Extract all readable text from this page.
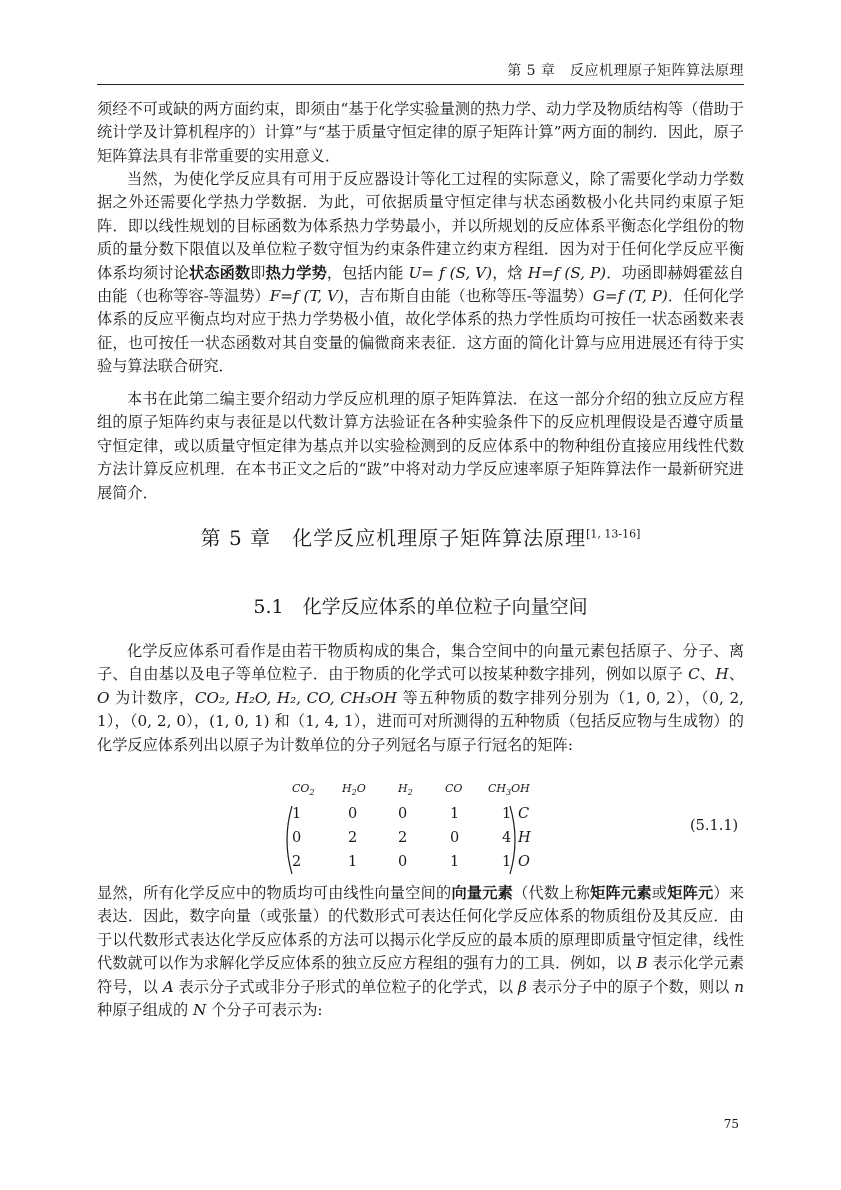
第 5 章　反应机理原子矩阵算法原理

须经不可或缺的两方面约束，即须由“基于化学实验量测的热力学、动力学及物质结构等（借助于统计学及计算机程序的）计算”与“基于质量守恒定律的原子矩阵计算”两方面的制约．因此，原子矩阵算法具有非常重要的实用意义．

当然，为使化学反应具有可用于反应器设计等化工过程的实际意义，除了需要化学动力学数据之外还需要化学热力学数据．为此，可依据质量守恒定律与状态函数极小化共同约束原子矩阵．即以线性规划的目标函数为体系热力学势最小，并以所规划的反应体系平衡态化学组份的物质的量分数下限值以及单位粒子数守恒为约束条件建立约束方程组．因为对于任何化学反应平衡体系均须讨论状态函数即热力学势，包括内能 U= f (S, V)，焓 H=f (S, P)．功函即赫姆霍兹自由能（也称等容-等温势）F=f (T, V)，吉布斯自由能（也称等压-等温势）G=f (T, P)．任何化学体系的反应平衡点均对应于热力学势极小值，故化学体系的热力学性质均可按任一状态函数来表征，也可按任一状态函数对其自变量的偏微商来表征．这方面的简化计算与应用进展还有待于实验与算法联合研究．

本书在此第二编主要介绍动力学反应机理的原子矩阵算法．在这一部分介绍的独立反应方程组的原子矩阵约束与表征是以代数计算方法验证在各种实验条件下的反应机理假设是否遵守质量守恒定律，或以质量守恒定律为基点并以实验检测到的反应体系中的物种组份直接应用线性代数方法计算反应机理．在本书正文之后的“跋”中将对动力学反应速率原子矩阵算法作一最新研究进展简介．

第 5 章　化学反应机理原子矩阵算法原理[1, 13-16]
5.1　化学反应体系的单位粒子向量空间

化学反应体系可看作是由若干物质构成的集合，集合空间中的向量元素包括原子、分子、离子、自由基以及电子等单位粒子．由于物质的化学式可以按某种数字排列，例如以原子 C、H、O 为计数序，CO₂, H₂O, H₂, CO, CH₃OH 等五种物质的数字排列分别为（1, 0, 2），（0, 2, 1），（0, 2, 0），(1, 0, 1) 和（1, 4, 1），进而可对所测得的五种物质（包括反应物与生成物）的化学反应体系列出以原子为计数单位的分子列冠名与原子行冠名的矩阵:

$CO_2$ $H_2O$	$H_2$	CO $CH_3OH$
1	0	0	1	1 C
0	2	2	0	4 H
2	1	0	1	1 O
(5.1.1)

显然，所有化学反应中的物质均可由线性向量空间的向量元素（代数上称矩阵元素或矩阵元）来表达．因此，数字向量（或张量）的代数形式可表达任何化学反应体系的物质组份及其反应．由于以代数形式表达化学反应体系的方法可以揭示化学反应的最本质的原理即质量守恒定律，线性代数就可以作为求解化学反应体系的独立反应方程组的强有力的工具．例如，以 B 表示化学元素符号，以 A 表示分子式或非分子形式的单位粒子的化学式，以 β 表示分子中的原子个数，则以 n 种原子组成的 N 个分子可表示为:

75
